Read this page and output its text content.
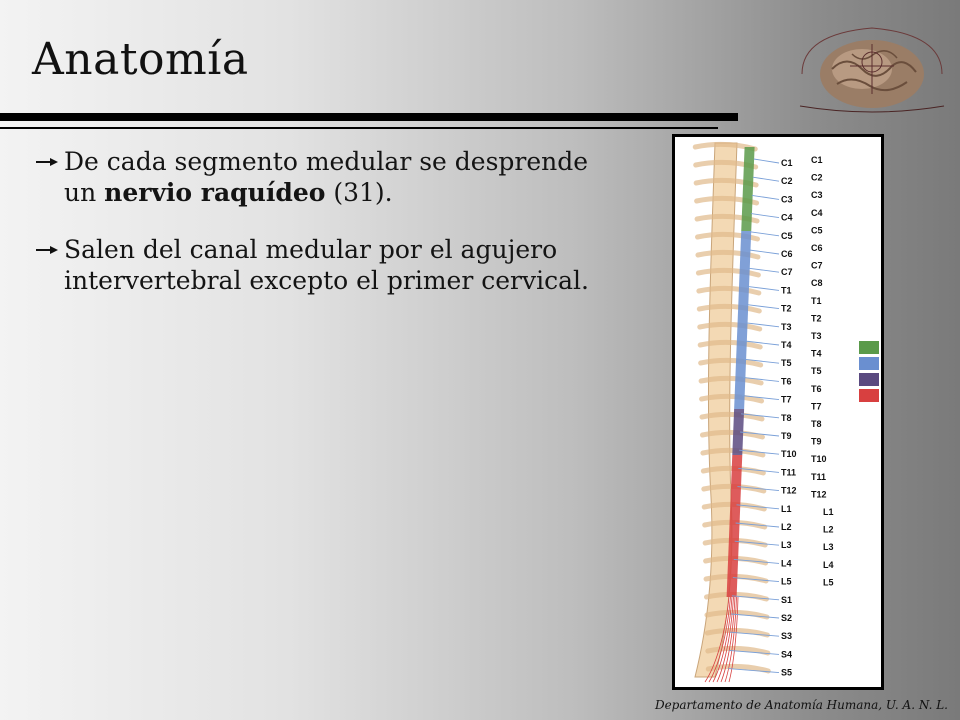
Anatomía
De cada segmento medular se desprende un nervio raquídeo (31).
Salen del canal medular por el agujero intervertebral excepto el primer cervical.
C1
C2
C3
C4
C5
C6
C7
T1
T2
T3
T4
T5
T6
T7
T8
T9
T10
T11
T12
L1
L2
L3
L4
L5
S1
S2
S3
S4
S5
C1
C2
C3
C4
C5
C6
C7
C8
T1
T2
T3
T4
T5
T6
T7
T8
T9
T10
T11
T12
L1
L2
L3
L4
L5
Departamento de Anatomía Humana, U. A. N. L.
